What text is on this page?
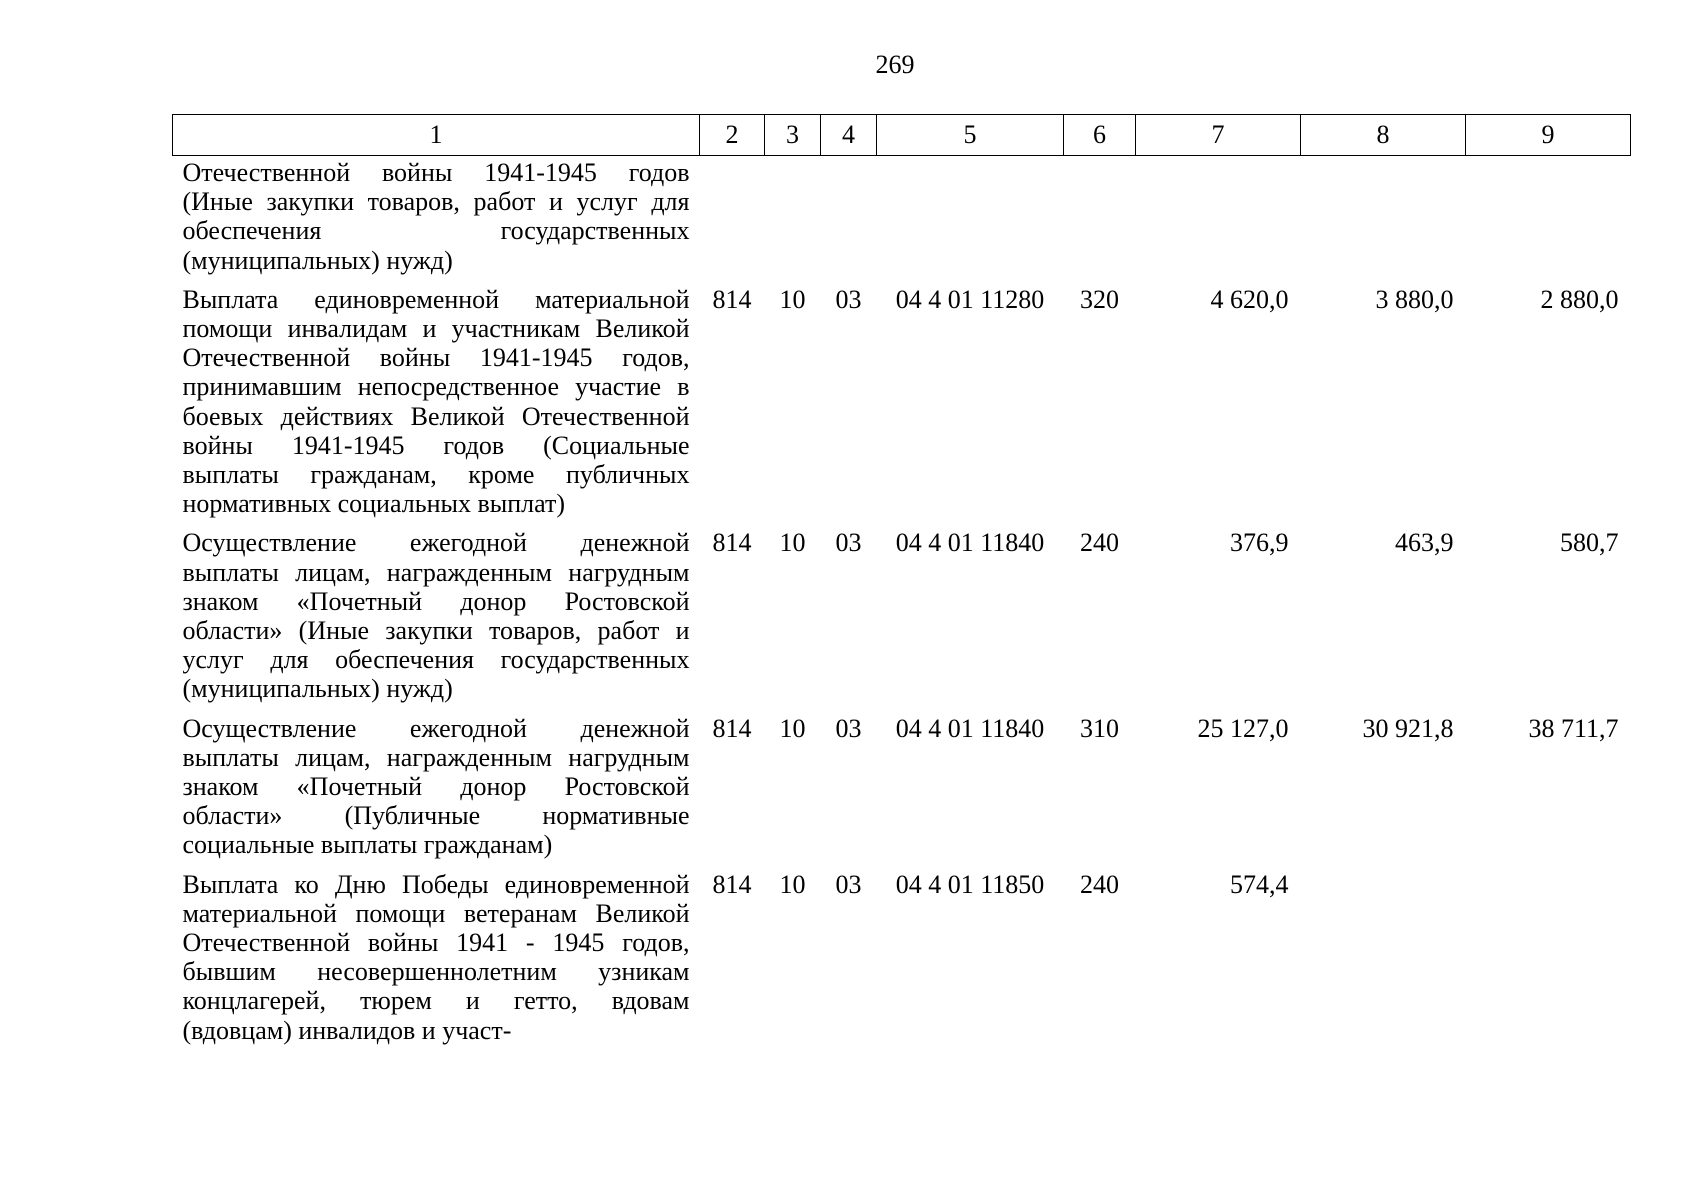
269
1	2	3	4	5	6	7	8	9
Отечественной войны 1941-1945 годов (Иные закупки товаров, работ и услуг для обеспечения государственных (муниципальных) нужд)								
Выплата единовременной материальной помощи инвалидам и участникам Великой Отечественной войны 1941-1945 годов, принимавшим непосредственное участие в боевых действиях Великой Отечественной войны 1941-1945 годов (Социальные выплаты гражданам, кроме публичных нормативных социальных выплат)	814	10	03	04 4 01 11280	320	4 620,0	3 880,0	2 880,0
Осуществление ежегодной денежной выплаты лицам, награжденным нагрудным знаком «Почетный донор Ростовской области» (Иные закупки товаров, работ и услуг для обеспечения государственных (муниципальных) нужд)	814	10	03	04 4 01 11840	240	376,9	463,9	580,7
Осуществление ежегодной денежной выплаты лицам, награжденным нагрудным знаком «Почетный донор Ростовской области» (Публичные нормативные социальные выплаты гражданам)	814	10	03	04 4 01 11840	310	25 127,0	30 921,8	38 711,7
Выплата ко Дню Победы единовременной материальной помощи ветеранам Великой Отечественной войны 1941 - 1945 годов, бывшим несовершеннолетним узникам концлагерей, тюрем и гетто, вдовам (вдовцам) инвалидов и участ-	814	10	03	04 4 01 11850	240	574,4		
